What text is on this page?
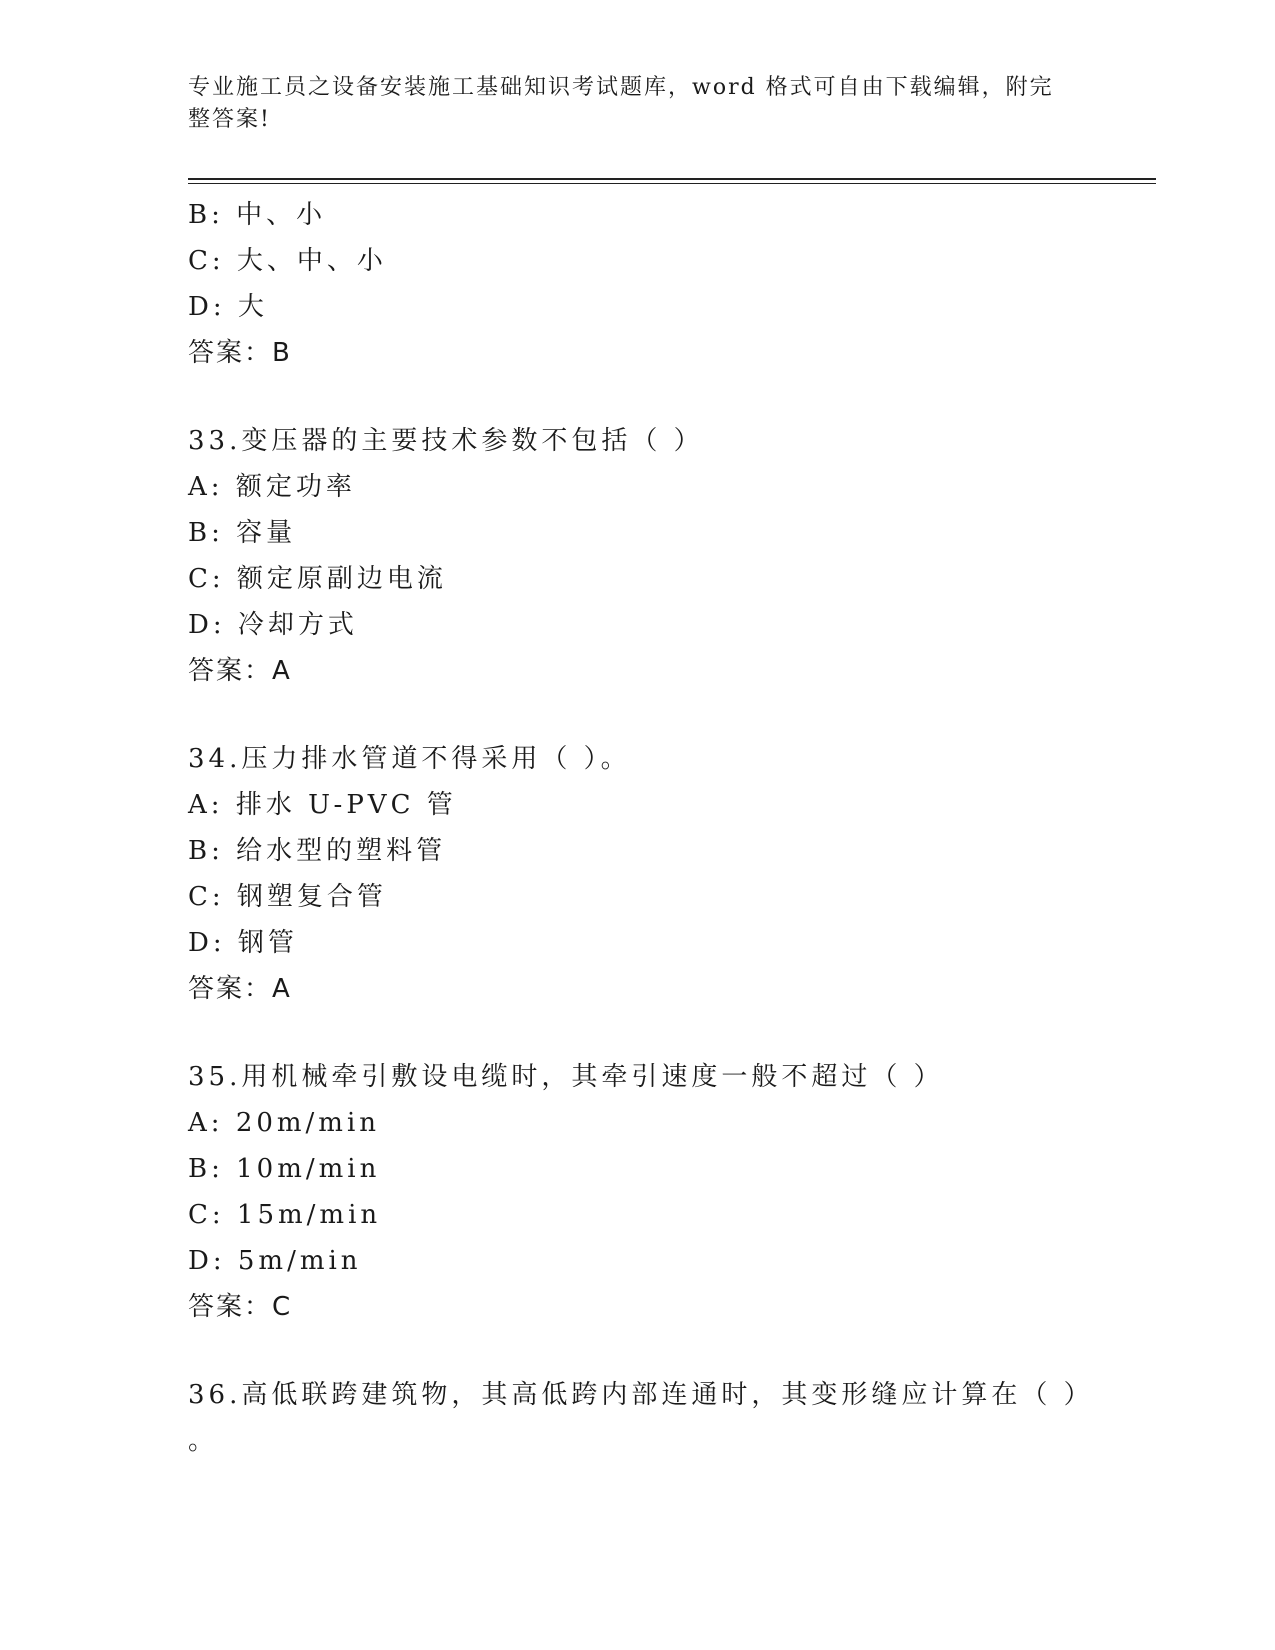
专业施工员之设备安装施工基础知识考试题库，word 格式可自由下载编辑，附完整答案!
B: 中、小
C: 大、中、小
D: 大
答案：B
33.变压器的主要技术参数不包括（ ）
A: 额定功率
B: 容量
C: 额定原副边电流
D: 冷却方式
答案：A
34.压力排水管道不得采用（ ）。
A: 排水 U-PVC 管
B: 给水型的塑料管
C: 钢塑复合管
D: 钢管
答案：A
35.用机械牵引敷设电缆时，其牵引速度一般不超过（ ）
A: 20m/min
B: 10m/min
C: 15m/min
D: 5m/min
答案：C
36.高低联跨建筑物，其高低跨内部连通时，其变形缝应计算在（ ）
。
